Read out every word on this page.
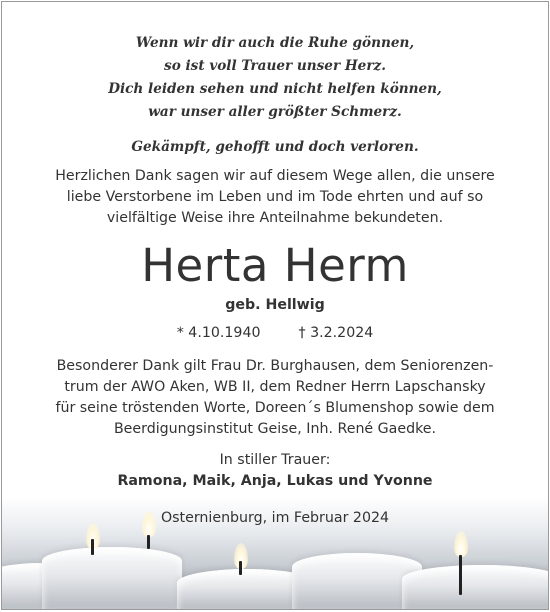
Wenn wir dir auch die Ruhe gönnen,
so ist voll Trauer unser Herz.
Dich leiden sehen und nicht helfen können,
war unser aller größter Schmerz.
Gekämpft, gehofft und doch verloren.
Herzlichen Dank sagen wir auf diesem Wege allen, die unsere
liebe Verstorbene im Leben und im Tode ehrten und auf so
vielfältige Weise ihre Anteilnahme bekundeten.
Herta Herm
geb. Hellwig
* 4.10.1940	† 3.2.2024
Besonderer Dank gilt Frau Dr. Burghausen, dem Seniorenzen-
trum der AWO Aken, WB II, dem Redner Herrn Lapschansky
für seine tröstenden Worte, Doreen´s Blumenshop sowie dem
Beerdigungsinstitut Geise, Inh. René Gaedke.
In stiller Trauer:
Ramona, Maik, Anja, Lukas und Yvonne
Osternienburg, im Februar 2024
